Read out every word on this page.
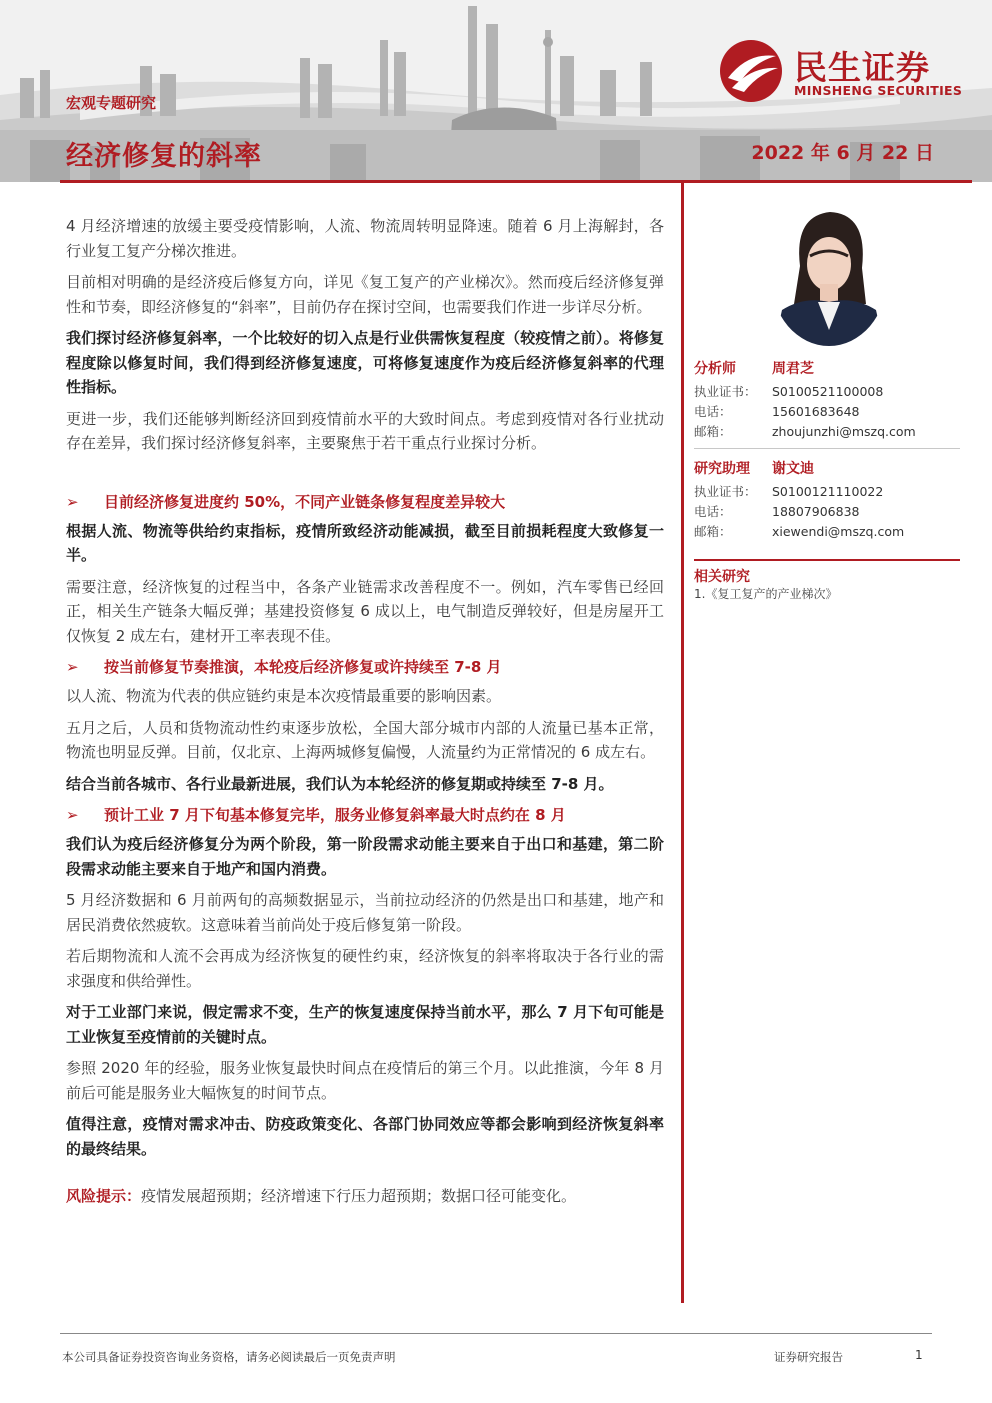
宏观专题研究
经济修复的斜率	2022 年 6 月 22 日
民生证券
MINSHENG SECURITIES

4 月经济增速的放缓主要受疫情影响，人流、物流周转明显降速。随着 6 月上海解封，各行业复工复产分梯次推进。

目前相对明确的是经济疫后修复方向，详见《复工复产的产业梯次》。然而疫后经济修复弹性和节奏，即经济修复的“斜率”，目前仍存在探讨空间，也需要我们作进一步详尽分析。

我们探讨经济修复斜率，一个比较好的切入点是行业供需恢复程度（较疫情之前）。将修复程度除以修复时间，我们得到经济修复速度，可将修复速度作为疫后经济修复斜率的代理性指标。

更进一步，我们还能够判断经济回到疫情前水平的大致时间点。考虑到疫情对各行业扰动存在差异，我们探讨经济修复斜率，主要聚焦于若干重点行业探讨分析。

➢ 目前经济修复进度约 50%，不同产业链条修复程度差异较大

根据人流、物流等供给约束指标，疫情所致经济动能减损，截至目前损耗程度大致修复一半。

需要注意，经济恢复的过程当中，各条产业链需求改善程度不一。例如，汽车零售已经回正，相关生产链条大幅反弹；基建投资修复 6 成以上，电气制造反弹较好，但是房屋开工仅恢复 2 成左右，建材开工率表现不佳。

➢ 按当前修复节奏推演，本轮疫后经济修复或许持续至 7-8 月

以人流、物流为代表的供应链约束是本次疫情最重要的影响因素。

五月之后，人员和货物流动性约束逐步放松，全国大部分城市内部的人流量已基本正常，物流也明显反弹。目前，仅北京、上海两城修复偏慢，人流量约为正常情况的 6 成左右。

结合当前各城市、各行业最新进展，我们认为本轮经济的修复期或持续至 7-8 月。

➢ 预计工业 7 月下旬基本修复完毕，服务业修复斜率最大时点约在 8 月

我们认为疫后经济修复分为两个阶段，第一阶段需求动能主要来自于出口和基建，第二阶段需求动能主要来自于地产和国内消费。

5 月经济数据和 6 月前两旬的高频数据显示，当前拉动经济的仍然是出口和基建，地产和居民消费依然疲软。这意味着当前尚处于疫后修复第一阶段。

若后期物流和人流不会再成为经济恢复的硬性约束，经济恢复的斜率将取决于各行业的需求强度和供给弹性。

对于工业部门来说，假定需求不变，生产的恢复速度保持当前水平，那么 7 月下旬可能是工业恢复至疫情前的关键时点。

参照 2020 年的经验，服务业恢复最快时间点在疫情后的第三个月。以此推演，今年 8 月前后可能是服务业大幅恢复的时间节点。

值得注意，疫情对需求冲击、防疫政策变化、各部门协同效应等都会影响到经济恢复斜率的最终结果。

风险提示：疫情发展超预期；经济增速下行压力超预期；数据口径可能变化。

分析师	周君芝
执业证书： S0100521100008
电话：	15601683648
邮箱：	zhoujunzhi@mszq.com
研究助理 谢文迪
执业证书： S0100121110022
电话：	18807906838
邮箱：	xiewendi@mszq.com
相关研究
1.《复工复产的产业梯次》
本公司具备证券投资咨询业务资格，请务必阅读最后一页免责声明	证券研究报告	1
